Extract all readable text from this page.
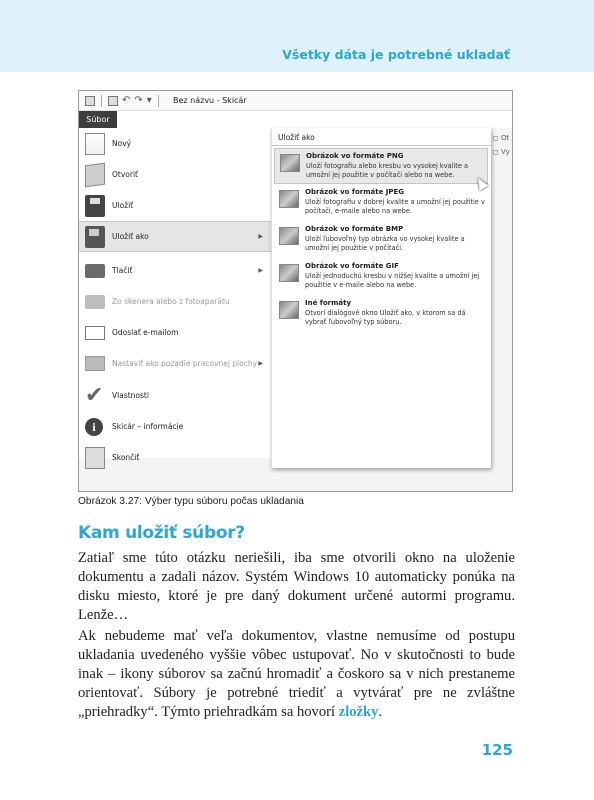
Všetky dáta je potrebné ukladať
↶ ↷ ▾	Bez názvu - Skicár
Súbor
◻ Ot
◻ Vy
Nový
Otvoriť
Uložiť
Uložiť ako	▶
Tlačiť	▶
Zo skenera alebo z fotoaparátu
Odoslať e-mailom
Nastaviť ako pozadie pracovnej plochy ▶
✔ Vlastnosti
i	Skicár – informácie
Skončiť
Uložiť ako
Obrázok vo formáte PNG
Uloží fotografiu alebo kresbu vo vysokej kvalite a umožní jej použitie v počítači alebo na webe.
Obrázok vo formáte JPEG
Uloží fotografiu v dobrej kvalite a umožní jej použitie v počítači, e-maile alebo na webe.
Obrázok vo formáte BMP
Uloží ľubovoľný typ obrázka vo vysokej kvalite a umožní jej použitie v počítači.
Obrázok vo formáte GIF
Uloží jednoduchú kresbu v nižšej kvalite a umožní jej použitie v e-maile alebo na webe.
Iné formáty
Otvorí dialógové okno Uložiť ako, v ktorom sa dá vybrať ľubovoľný typ súboru.
Obrázok 3.27: Výber typu súboru počas ukladania
Kam uložiť súbor?

Zatiaľ sme túto otázku neriešili, iba sme otvorili okno na uloženie dokumentu a zadali názov. Systém Windows 10 automaticky ponúka na disku miesto, ktoré je pre daný dokument určené autormi programu. Lenže…

Ak nebudeme mať veľa dokumentov, vlastne nemusíme od postupu ukladania uvedeného vyššie vôbec ustupovať. No v skutočnosti to bude inak – ikony súborov sa začnú hromadiť a čoskoro sa v nich prestaneme orientovať. Súbory je potrebné triediť a vytvárať pre ne zvláštne „priehradky“. Týmto priehradkám sa hovorí zložky.

125
